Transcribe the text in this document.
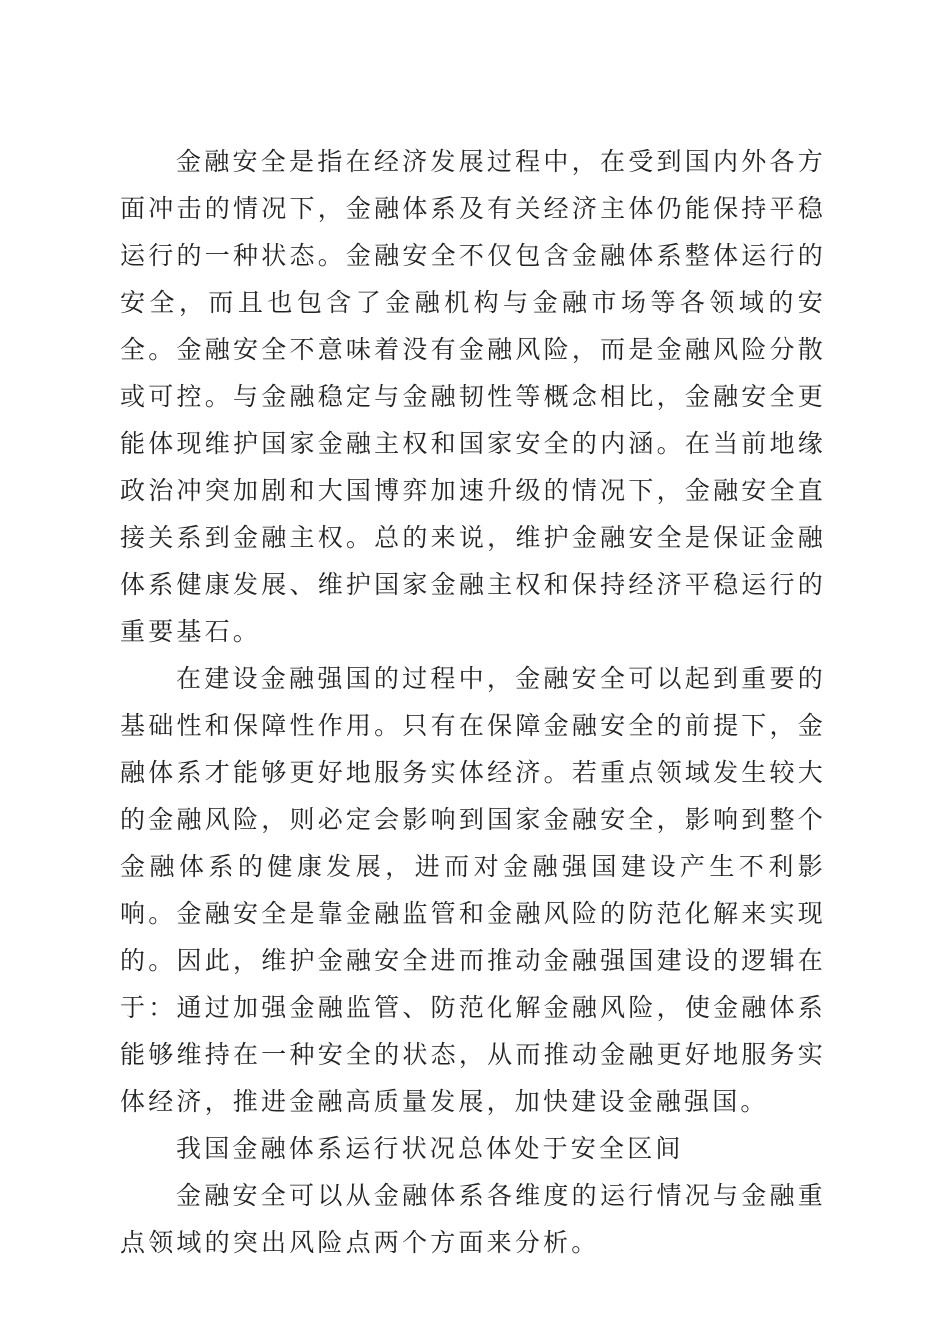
金融安全是指在经济发展过程中，在受到国内外各方面冲击的情况下，金融体系及有关经济主体仍能保持平稳运行的一种状态。金融安全不仅包含金融体系整体运行的安全，而且也包含了金融机构与金融市场等各领域的安全。金融安全不意味着没有金融风险，而是金融风险分散或可控。与金融稳定与金融韧性等概念相比，金融安全更能体现维护国家金融主权和国家安全的内涵。在当前地缘政治冲突加剧和大国博弈加速升级的情况下，金融安全直接关系到金融主权。总的来说，维护金融安全是保证金融体系健康发展、维护国家金融主权和保持经济平稳运行的重要基石。

在建设金融强国的过程中，金融安全可以起到重要的基础性和保障性作用。只有在保障金融安全的前提下，金融体系才能够更好地服务实体经济。若重点领域发生较大的金融风险，则必定会影响到国家金融安全，影响到整个金融体系的健康发展，进而对金融强国建设产生不利影响。金融安全是靠金融监管和金融风险的防范化解来实现的。因此，维护金融安全进而推动金融强国建设的逻辑在于：通过加强金融监管、防范化解金融风险，使金融体系能够维持在一种安全的状态，从而推动金融更好地服务实体经济，推进金融高质量发展，加快建设金融强国。

我国金融体系运行状况总体处于安全区间

金融安全可以从金融体系各维度的运行情况与金融重点领域的突出风险点两个方面来分析。
